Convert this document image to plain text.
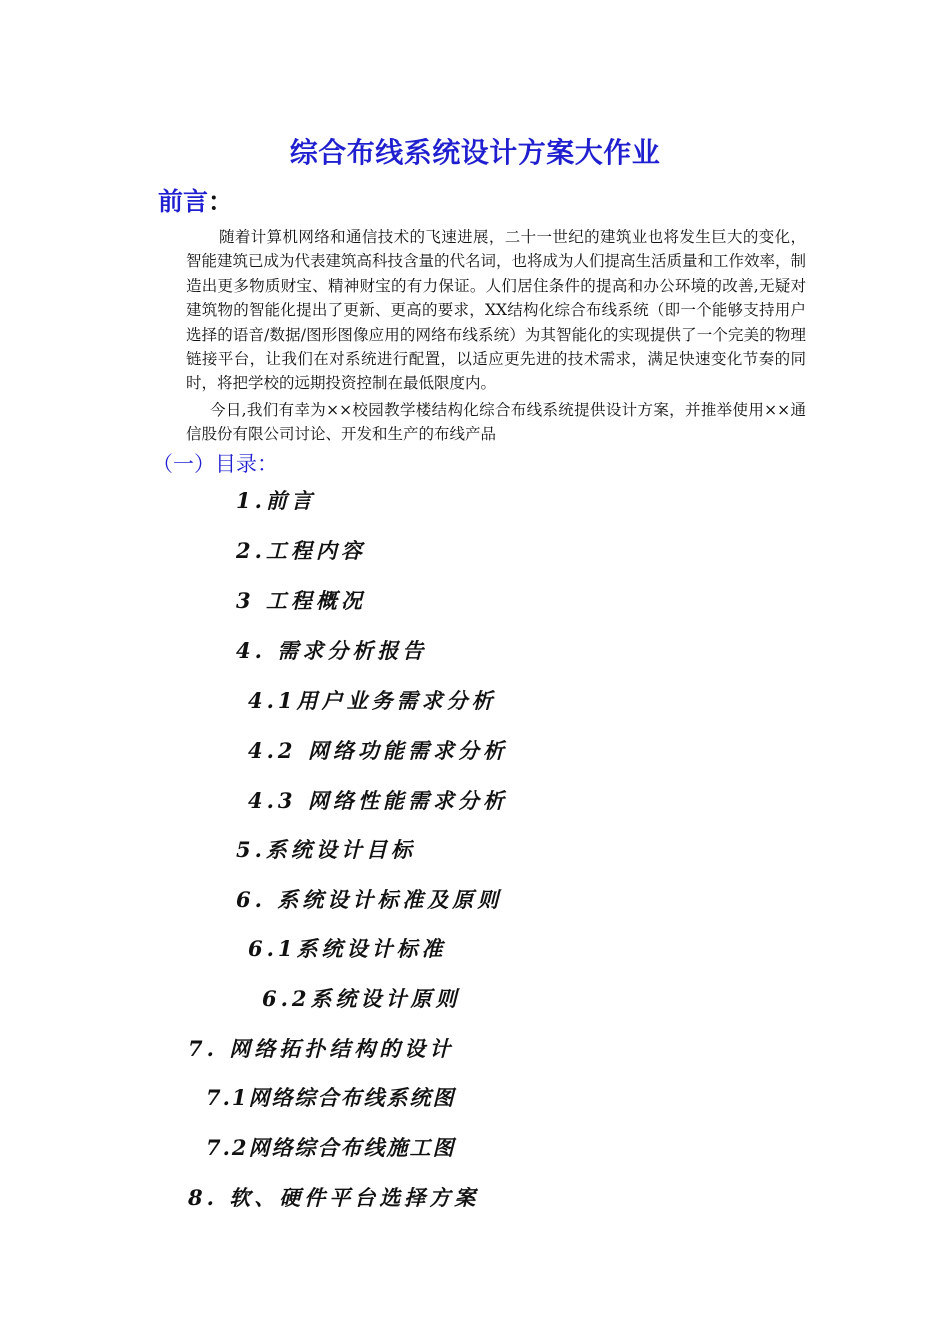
综合布线系统设计方案大作业
前言：

随着计算机网络和通信技术的飞速进展，二十一世纪的建筑业也将发生巨大的变化，智能建筑已成为代表建筑高科技含量的代名词，也将成为人们提高生活质量和工作效率，制造出更多物质财宝、精神财宝的有力保证。人们居住条件的提高和办公环境的改善,无疑对建筑物的智能化提出了更新、更高的要求，XX结构化综合布线系统（即一个能够支持用户选择的语音/数据/图形图像应用的网络布线系统）为其智能化的实现提供了一个完美的物理链接平台，让我们在对系统进行配置，以适应更先进的技术需求，满足快速变化节奏的同时，将把学校的远期投资控制在最低限度内。

今日,我们有幸为××校园教学楼结构化综合布线系统提供设计方案，并推举使用××通信股份有限公司讨论、开发和生产的布线产品

（一）目录：
1.前言
2.工程内容
3 工程概况
4. 需求分析报告
4.1用户业务需求分析
4.2 网络功能需求分析
4.3 网络性能需求分析
5.系统设计目标
6. 系统设计标准及原则
6.1系统设计标准
6.2系统设计原则
7. 网络拓扑结构的设计
7.1网络综合布线系统图
7.2网络综合布线施工图
8. 软、硬件平台选择方案
